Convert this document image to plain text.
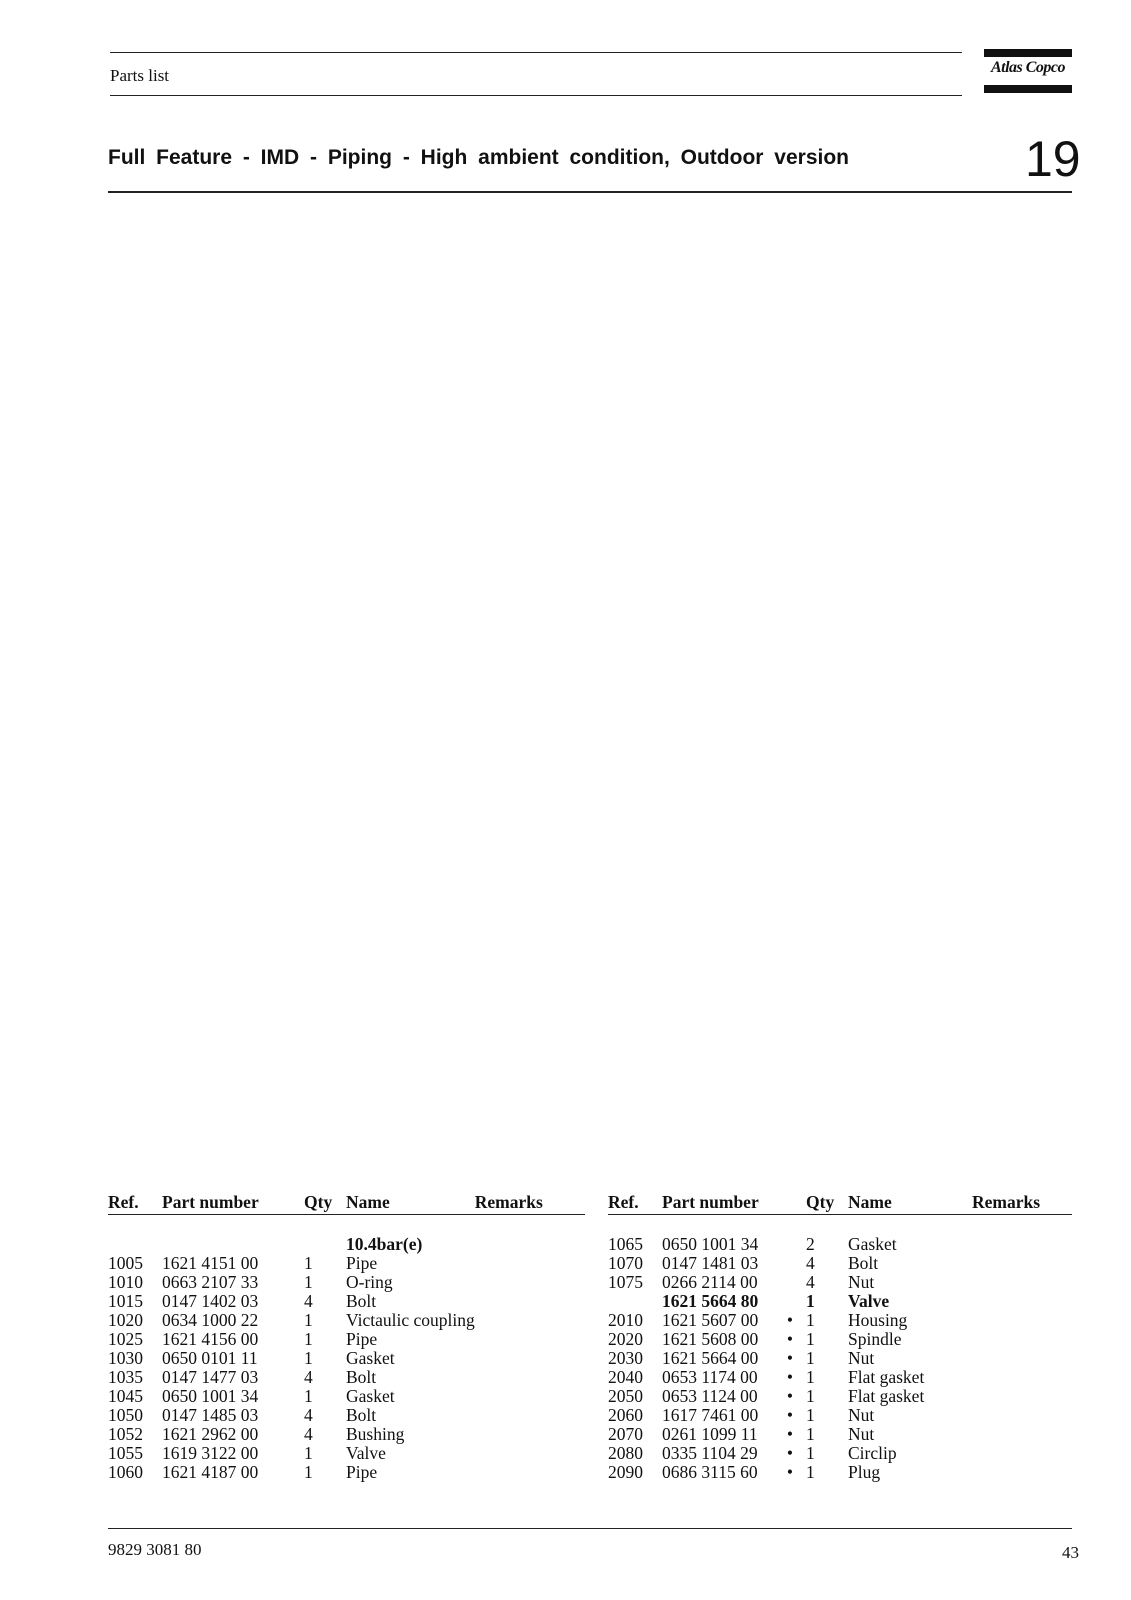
Parts list	Atlas Copco
Full Feature - IMD - Piping - High ambient condition, Outdoor version	19
Ref.	Part number		Qty	Name	Remarks
				10.4bar(e)	
1005	1621 4151 00		1	Pipe	
1010	0663 2107 33		1	O-ring	
1015	0147 1402 03		4	Bolt	
1020	0634 1000 22		1	Victaulic coupling	
1025	1621 4156 00		1	Pipe	
1030	0650 0101 11		1	Gasket	
1035	0147 1477 03		4	Bolt	
1045	0650 1001 34		1	Gasket	
1050	0147 1485 03		4	Bolt	
1052	1621 2962 00		4	Bushing	
1055	1619 3122 00		1	Valve	
1060	1621 4187 00		1	Pipe	
Ref.	Part number		Qty	Name	Remarks
1065	0650 1001 34		2	Gasket	
1070	0147 1481 03		4	Bolt	
1075	0266 2114 00		4	Nut	
	1621 5664 80		1	Valve	
2010	1621 5607 00	•	1	Housing	
2020	1621 5608 00	•	1	Spindle	
2030	1621 5664 00	•	1	Nut	
2040	0653 1174 00	•	1	Flat gasket	
2050	0653 1124 00	•	1	Flat gasket	
2060	1617 7461 00	•	1	Nut	
2070	0261 1099 11	•	1	Nut	
2080	0335 1104 29	•	1	Circlip	
2090	0686 3115 60	•	1	Plug	
9829 3081 80	43
